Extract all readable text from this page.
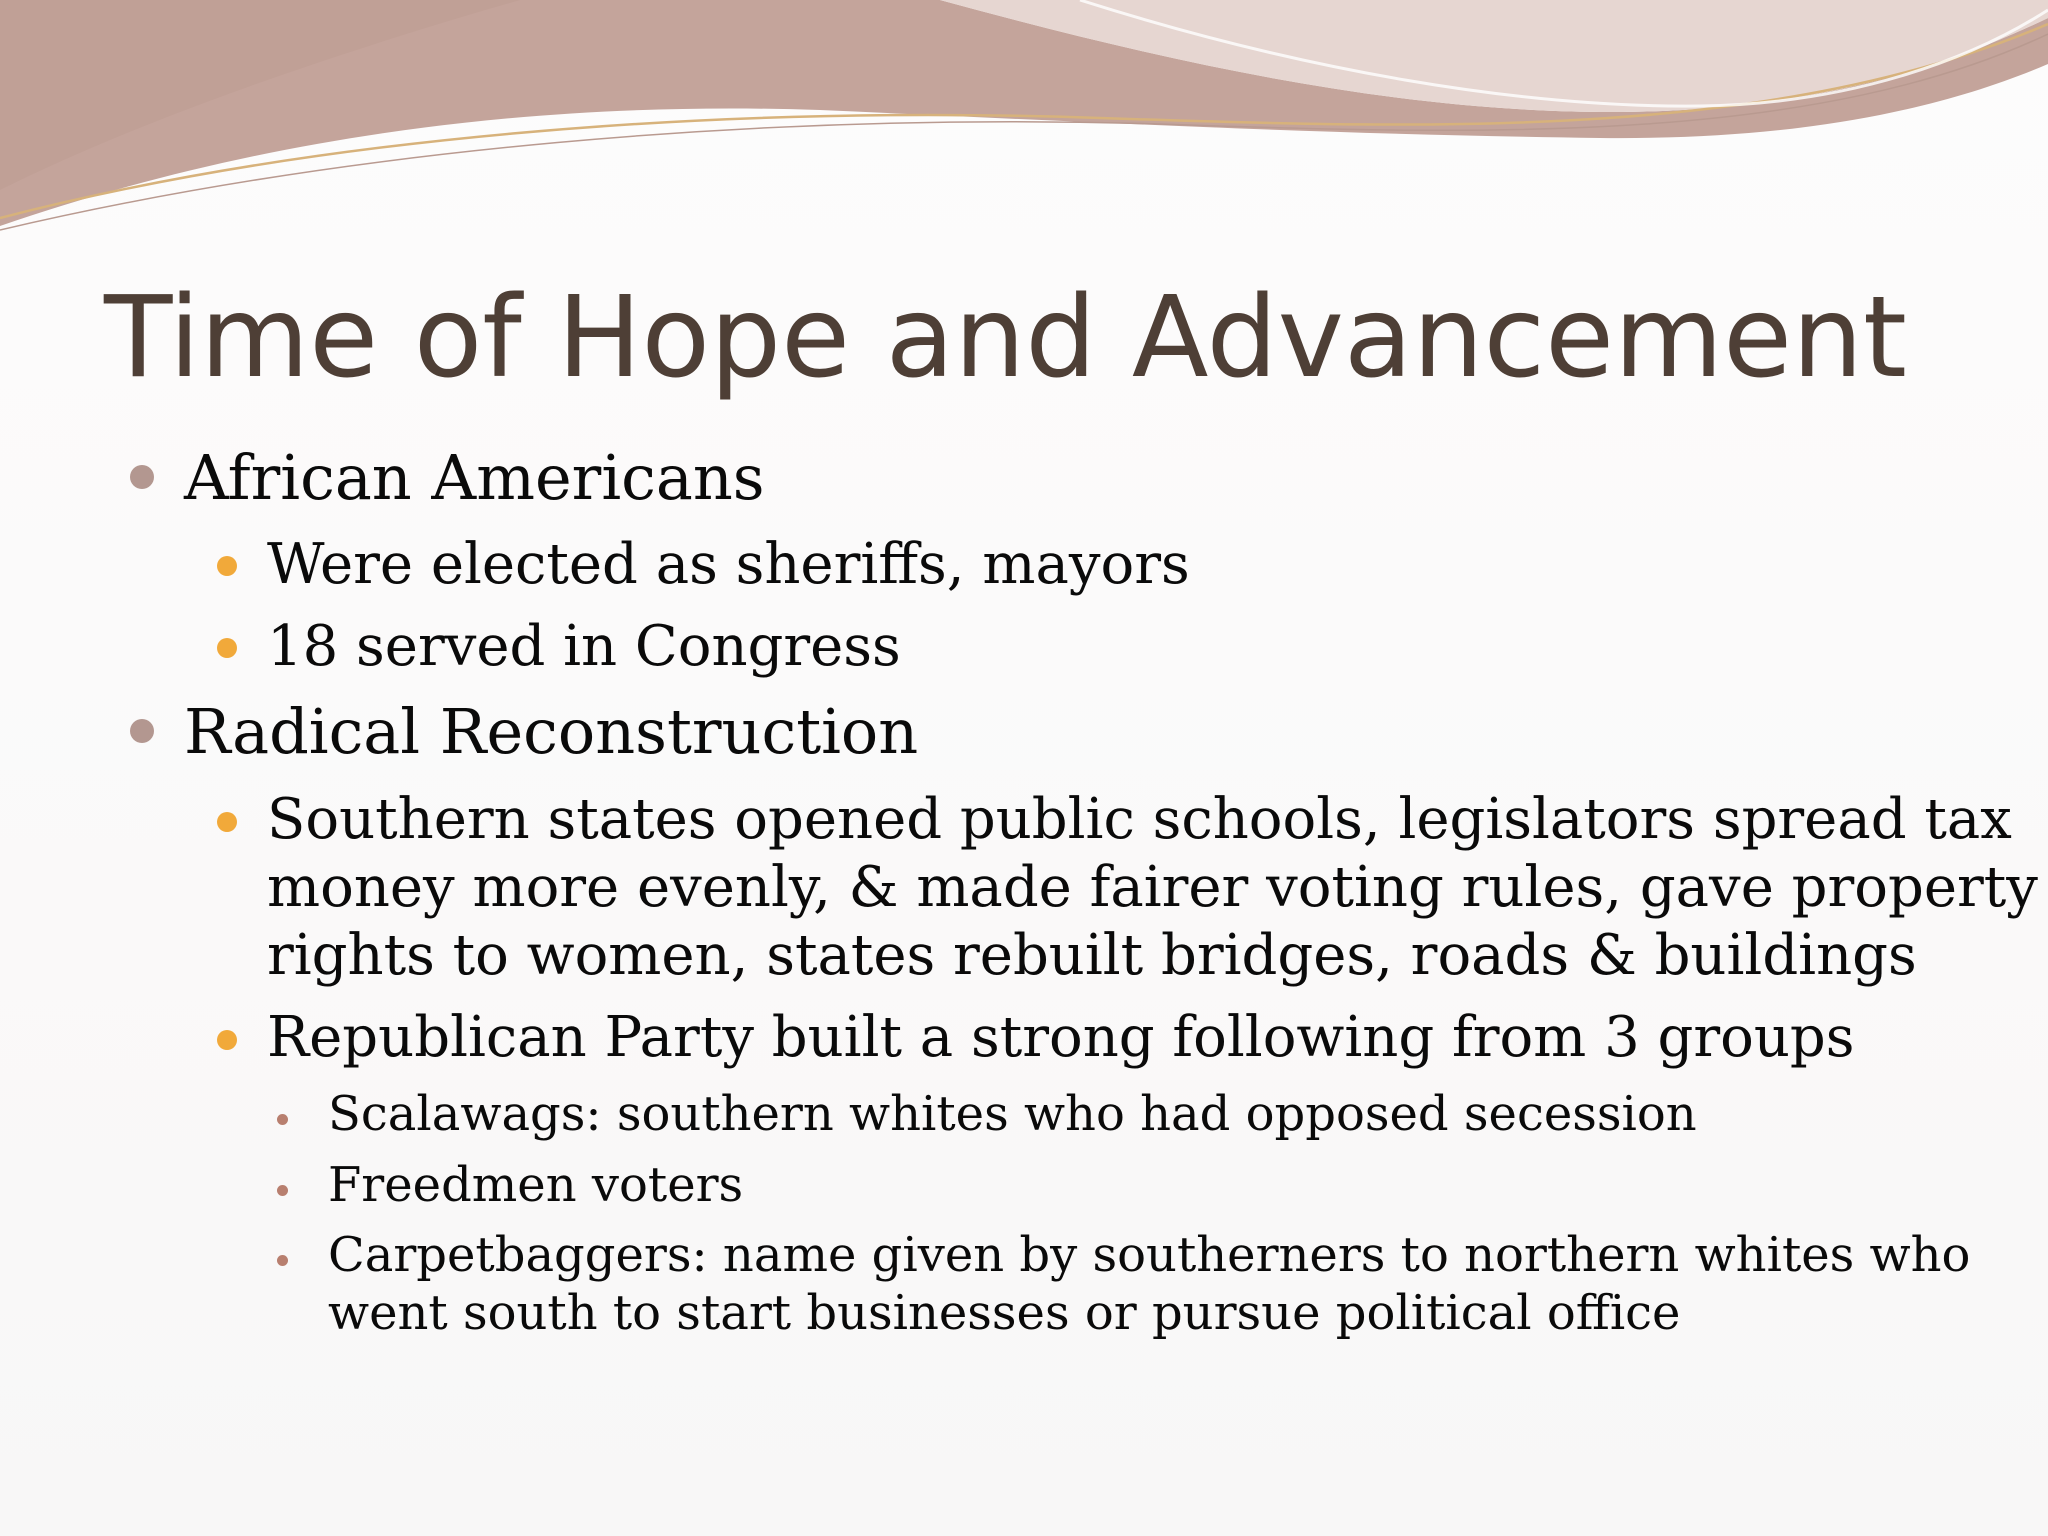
Time of Hope and Advancement
African Americans
Were elected as sheriffs, mayors
18 served in Congress
Radical Reconstruction
Southern states opened public schools, legislators spread tax
money more evenly, & made fairer voting rules, gave property
rights to women, states rebuilt bridges, roads & buildings
Republican Party built a strong following from 3 groups
Scalawags: southern whites who had opposed secession
Freedmen voters
Carpetbaggers: name given by southerners to northern whites who
went south to start businesses or pursue political office
